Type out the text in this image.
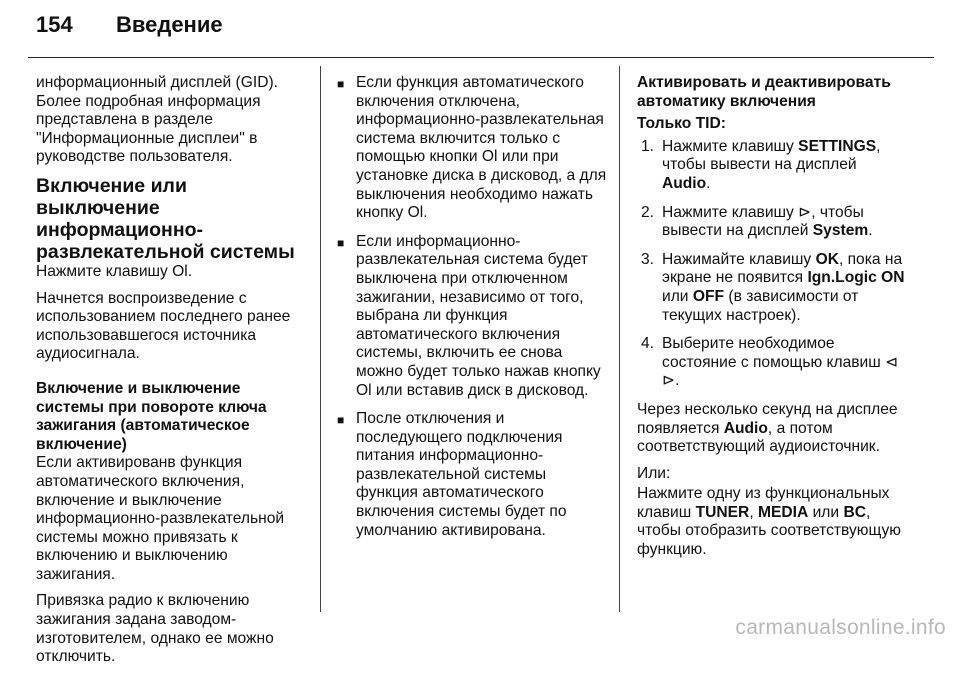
154 Введение

информационный дисплей (GID). Более подробная информация представлена в разделе "Информационные дисплеи" в руководстве пользователя.

Включение или выключение информационно-развлекательной системы

Нажмите клавишу Ol.

Начнется воспроизведение с использованием последнего ранее использовавшегося источника аудиосигнала.

Включение и выключение системы при повороте ключа зажигания (автоматическое включение)

Если активированв функция автоматического включения, включение и выключение информационно-развлекательной системы можно привязать к включению и выключению зажигания.

Привязка радио к включению зажигания задана заводом-изготовителем, однако ее можно отключить.

■ Если функция автоматического включения отключена, информационно-развлекательная система включится только с помощью кнопки Ol или при установке диска в дисковод, а для выключения необходимо нажать кнопку Ol.
■ Если информационно-развлекательная система будет выключена при отключенном зажигании, независимо от того, выбрана ли функция автоматического включения системы, включить ее снова можно будет только нажав кнопку Ol или вставив диск в дисковод.
■ После отключения и последующего подключения питания информационно-развлекательной системы функция автоматического включения системы будет по умолчанию активирована.
Активировать и деактивировать автоматику включения
Только TID:
1. Нажмите клавишу SETTINGS, чтобы вывести на дисплей Audio.
2. Нажмите клавишу ⊳, чтобы вывести на дисплей System.
3. Нажимайте клавишу OK, пока на экране не появится Ign.Logic ON или OFF (в зависимости от текущих настроек).
4. Выберите необходимое состояние с помощью клавиш ⊲ ⊳.

Через несколько секунд на дисплее появляется Audio, а потом соответствующий аудиоисточник.

Или:

Нажмите одну из функциональных клавиш TUNER, MEDIA или BC, чтобы отобразить соответствующую функцию.

carmanualsonline.info
